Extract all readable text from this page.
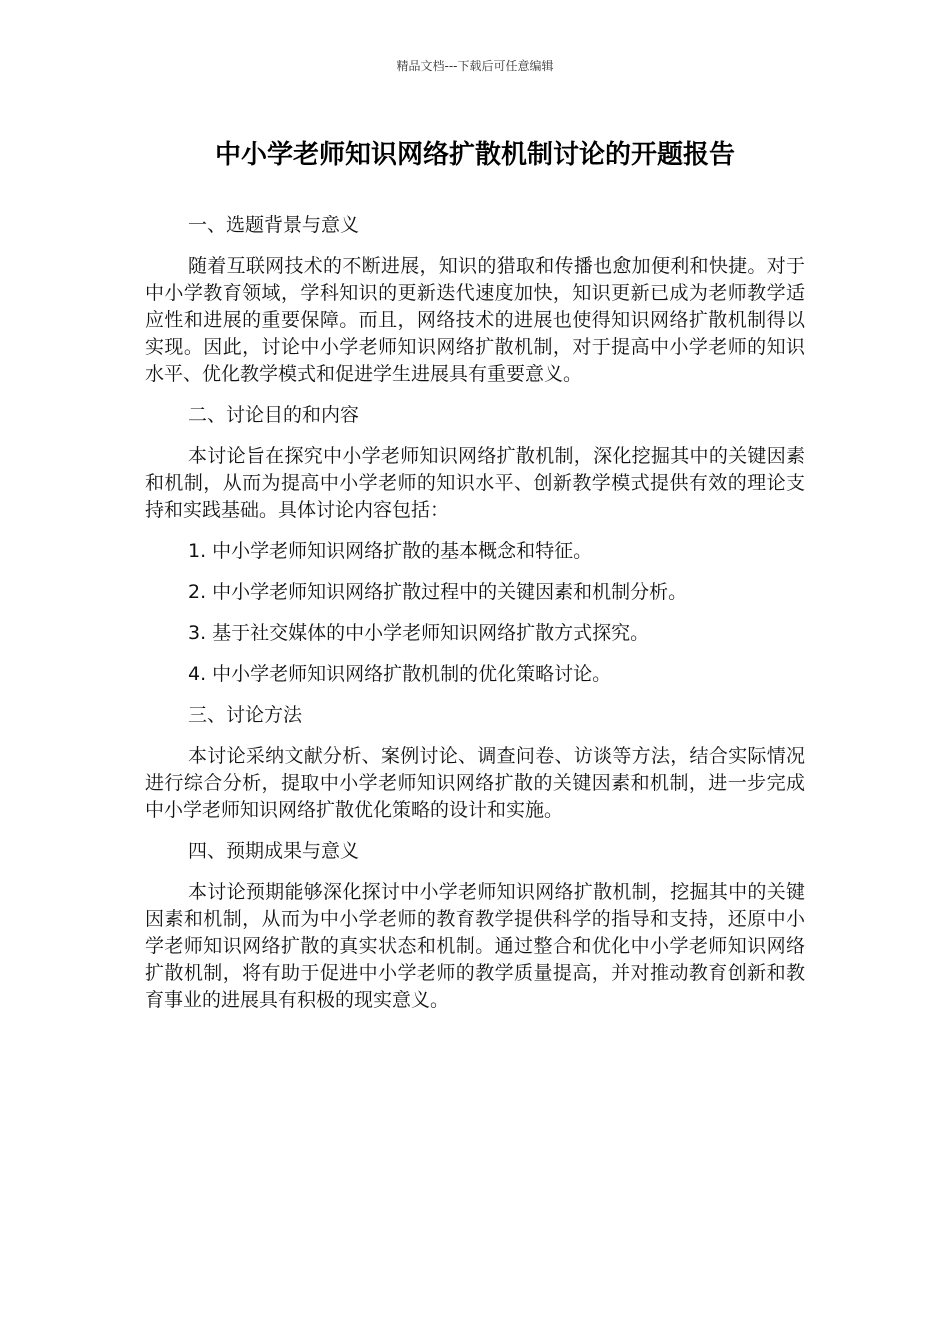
精品文档---下载后可任意编辑
中小学老师知识网络扩散机制讨论的开题报告

一、选题背景与意义

随着互联网技术的不断进展，知识的猎取和传播也愈加便利和快捷。对于中小学教育领域，学科知识的更新迭代速度加快，知识更新已成为老师教学适应性和进展的重要保障。而且，网络技术的进展也使得知识网络扩散机制得以实现。因此，讨论中小学老师知识网络扩散机制，对于提高中小学老师的知识水平、优化教学模式和促进学生进展具有重要意义。

二、讨论目的和内容

本讨论旨在探究中小学老师知识网络扩散机制，深化挖掘其中的关键因素和机制，从而为提高中小学老师的知识水平、创新教学模式提供有效的理论支持和实践基础。具体讨论内容包括：

1. 中小学老师知识网络扩散的基本概念和特征。

2. 中小学老师知识网络扩散过程中的关键因素和机制分析。

3. 基于社交媒体的中小学老师知识网络扩散方式探究。

4. 中小学老师知识网络扩散机制的优化策略讨论。

三、讨论方法

本讨论采纳文献分析、案例讨论、调查问卷、访谈等方法，结合实际情况进行综合分析，提取中小学老师知识网络扩散的关键因素和机制，进一步完成中小学老师知识网络扩散优化策略的设计和实施。

四、预期成果与意义

本讨论预期能够深化探讨中小学老师知识网络扩散机制，挖掘其中的关键因素和机制，从而为中小学老师的教育教学提供科学的指导和支持，还原中小学老师知识网络扩散的真实状态和机制。通过整合和优化中小学老师知识网络扩散机制，将有助于促进中小学老师的教学质量提高，并对推动教育创新和教育事业的进展具有积极的现实意义。
